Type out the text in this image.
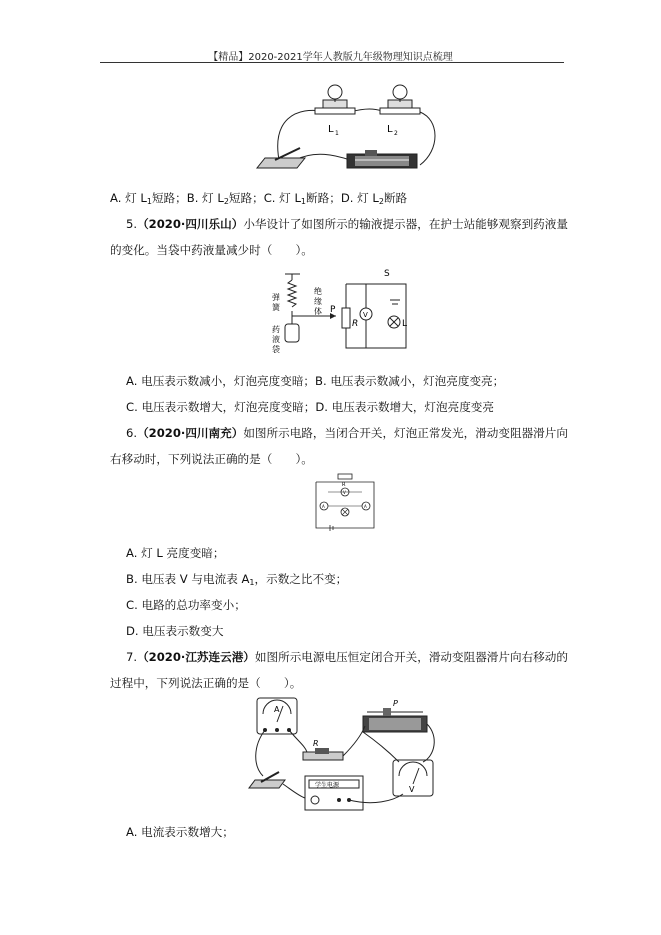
【精品】2020-2021学年人教版九年级物理知识点梳理
L 1	L 2
A. 灯 $L_1$短路；B. 灯 $L_2$短路；C. 灯 $L_1$断路；D. 灯 $L_2$断路
5.（2020·四川乐山）小华设计了如图所示的输液提示器，在护士站能够观察到药液量
的变化。当袋中药液量减少时（　　）。
弹
簧
药
液
袋
绝
缘
体 P
R
V
L
S
A. 电压表示数减小，灯泡亮度变暗；B. 电压表示数减小，灯泡亮度变亮；
C. 电压表示数增大，灯泡亮度变暗；D. 电压表示数增大，灯泡亮度变亮
6.（2020·四川南充）如图所示电路，当闭合开关，灯泡正常发光，滑动变阻器滑片向
右移动时，下列说法正确的是（　　）。
R
V
A	A
A. 灯 L 亮度变暗；
B. 电压表 V 与电流表 $A_1$，示数之比不变；
C. 电路的总功率变小；
D. 电压表示数变大
7.（2020·江苏连云港）如图所示电源电压恒定闭合开关，滑动变阻器滑片向右移动的
过程中，下列说法正确的是（　　）。
A
P
R
学生电源	V
A. 电流表示数增大；
